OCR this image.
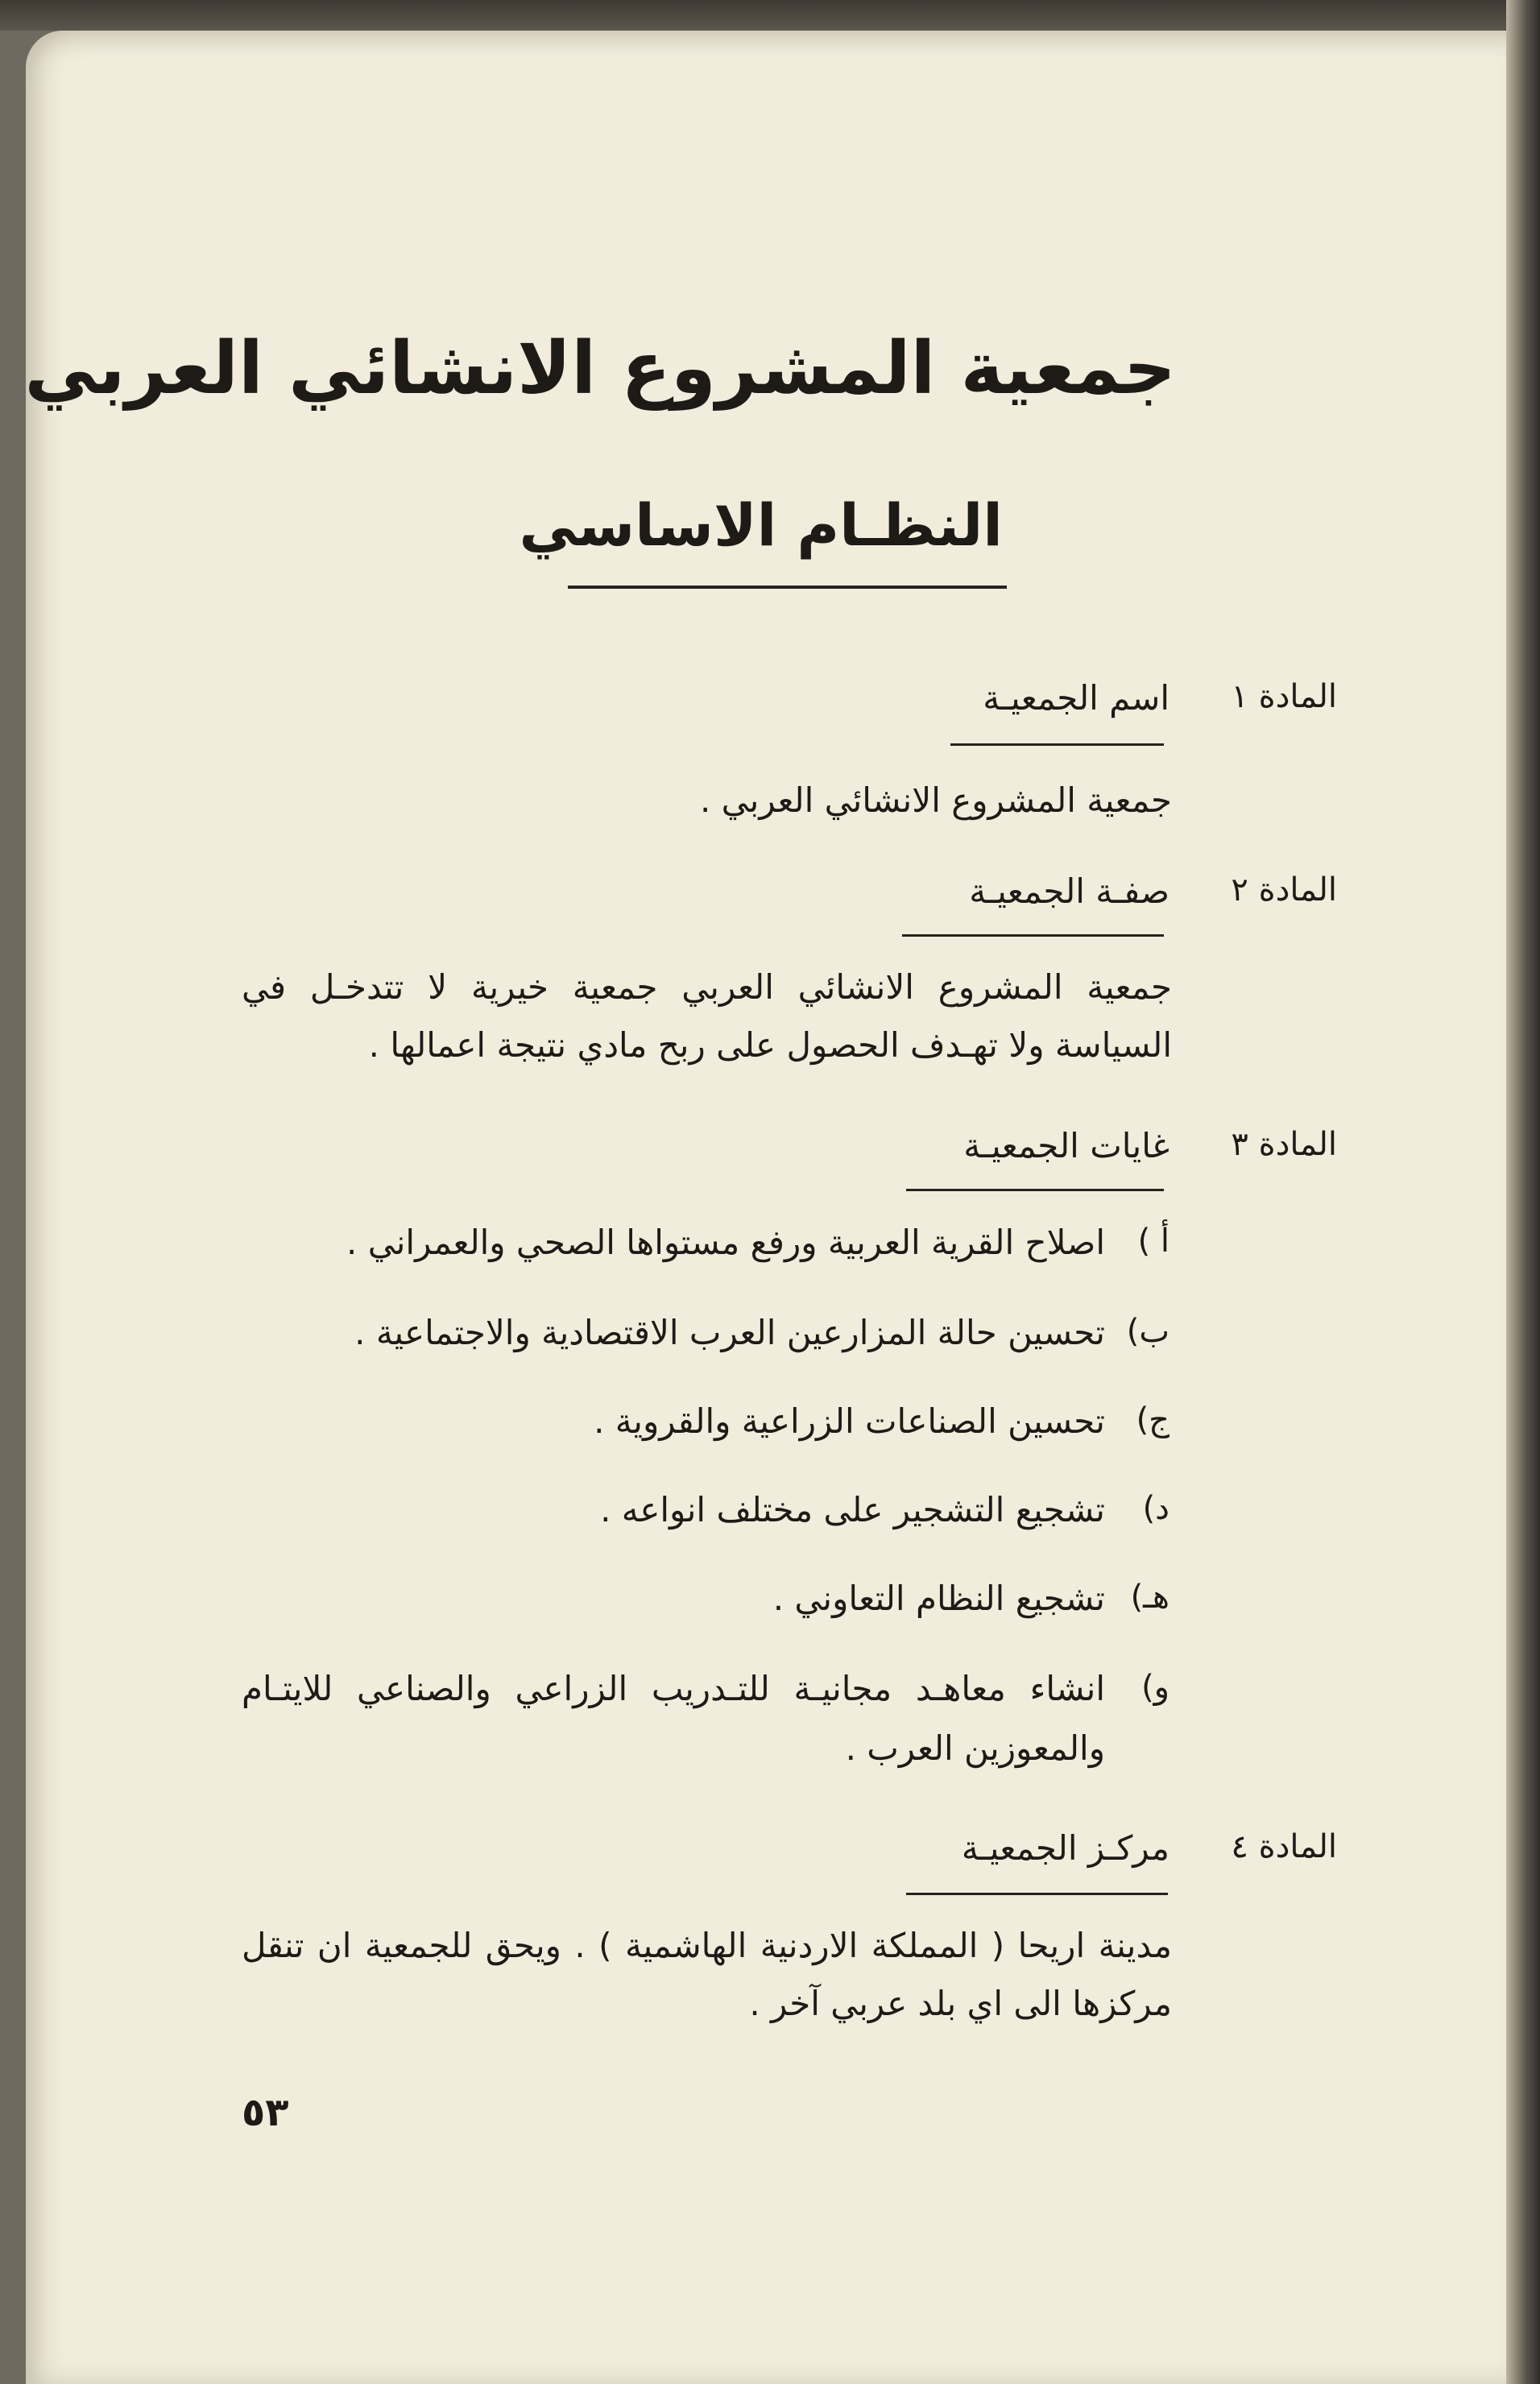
جمعية المشروع الانشائي العربي
النظـام الاساسي
المادة ١
اسم الجمعيـة
جمعية المشروع الانشائي العربي .
المادة ٢
صفـة الجمعيـة
جمعية المشروع الانشائي العربي جمعية خيرية لا تتدخـل في السياسة ولا تهـدف الحصول على ربح مادي نتيجة اعمالها .
المادة ٣
غايات الجمعيـة
أ )
اصلاح القرية العربية ورفع مستواها الصحي والعمراني .
ب)
تحسين حالة المزارعين العرب الاقتصادية والاجتماعية .
ج)
تحسين الصناعات الزراعية والقروية .
د)
تشجيع التشجير على مختلف انواعه .
هـ)
تشجيع النظام التعاوني .
و)
انشاء معاهـد مجانيـة للتـدريب الزراعي والصناعي للايتـام والمعوزين العرب .
المادة ٤
مركـز الجمعيـة
مدينة اريحا ( المملكة الاردنية الهاشمية ) . ويحق للجمعية ان تنقل مركزها الى اي بلد عربي آخر .
٥٣
